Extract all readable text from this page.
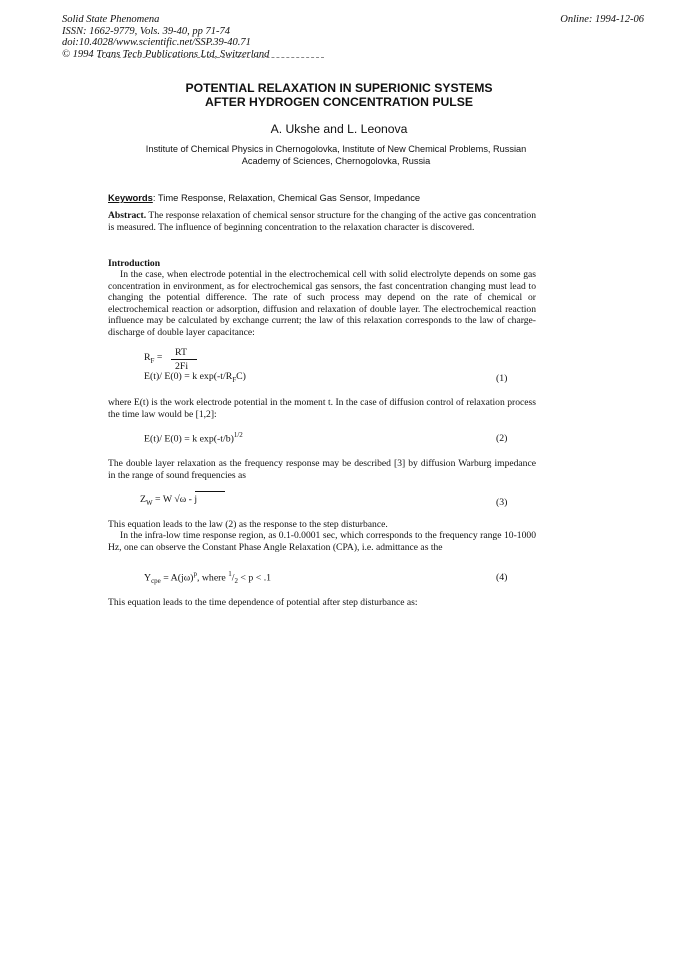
Solid State Phenomena
ISSN: 1662-9779, Vols. 39-40, pp 71-74
doi:10.4028/www.scientific.net/SSP.39-40.71
© 1994 Trans Tech Publications Ltd, Switzerland
Online: 1994-12-06
POTENTIAL RELAXATION IN SUPERIONIC SYSTEMS
AFTER HYDROGEN CONCENTRATION PULSE
A. Ukshe and L. Leonova
Institute of Chemical Physics in Chernogolovka, Institute of New Chemical Problems, Russian
Academy of Sciences, Chernogolovka, Russia
Keywords: Time Response, Relaxation, Chemical Gas Sensor, Impedance
Abstract. The response relaxation of chemical sensor structure for the changing of the active gas concentration is measured. The influence of beginning concentration to the relaxation character is discovered.
Introduction
In the case, when electrode potential in the electrochemical cell with solid electrolyte depends on some gas concentration in environment, as for electrochemical gas sensors, the fast concentration changing must lead to changing the potential difference. The rate of such process may depend on the rate of chemical or electrochemical reaction or adsorption, diffusion and relaxation of double layer. The electrochemical reaction influence may be calculated by exchange current; the law of this relaxation corresponds to the law of charge-discharge of double layer capacitance:
$R_F$ = RT
2Fi
E(t)/ E(0) = k $\exp(-t/R_FC)$	(1)
where E(t) is the work electrode potential in the moment t. In the case of diffusion control of relaxation process the time law would be [1,2]:
E(t)/ E(0) = k $\exp(-t/b)^{1/2}$	(2)
The double layer relaxation as the frequency response may be described [3] by diffusion Warburg impedance in the range of sound frequencies as
$Z_W = W$ √ω - j	(3)
This equation leads to the law (2) as the response to the step disturbance.
In the infra-low time response region, as 0.1-0.0001 sec, which corresponds to the frequency range 10-1000 Hz, one can observe the Constant Phase Angle Relaxation (CPA), i.e. admittance as the
$Y_{cpe} = A(j\omega)^p$, where $^1/_2 < p < .1$	(4)
This equation leads to the time dependence of potential after step disturbance as:
